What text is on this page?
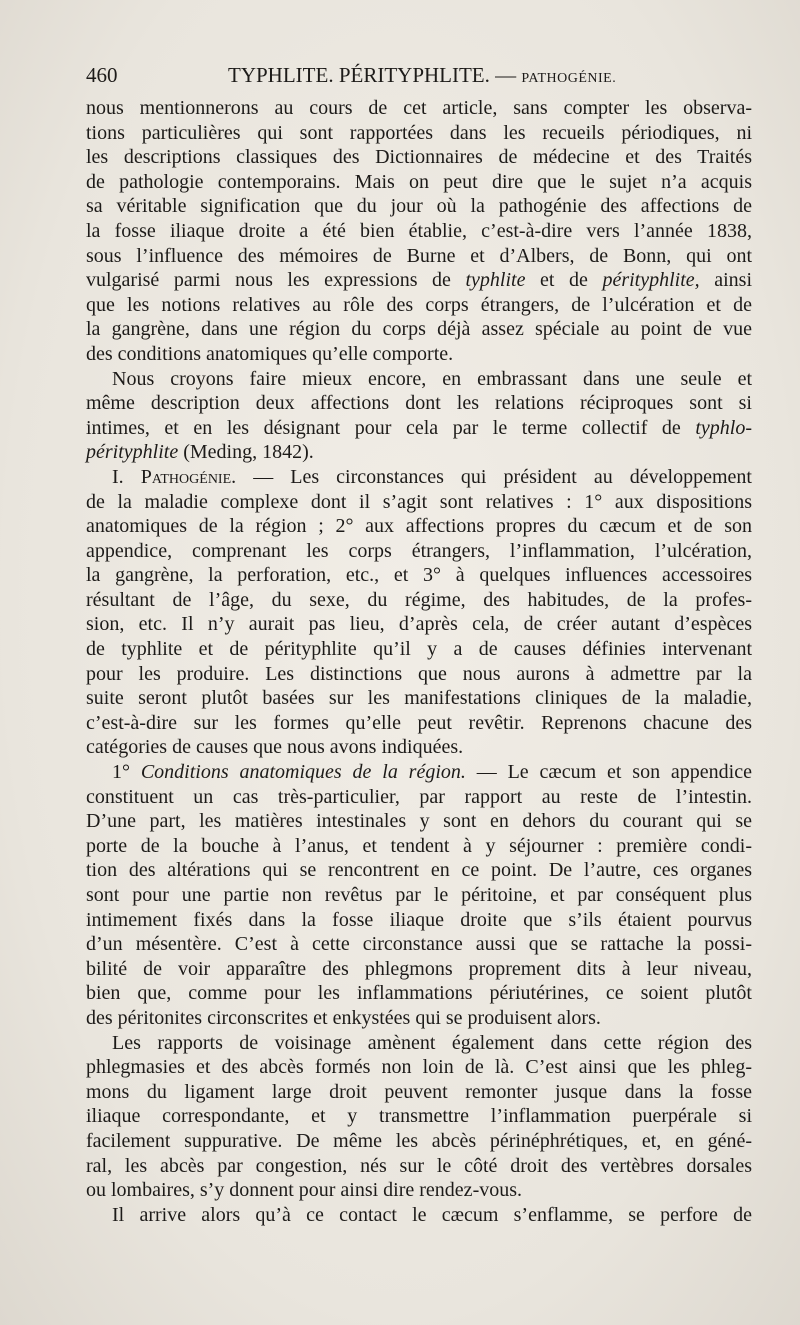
460	TYPHLITE. PÉRITYPHLITE. — PATHOGÉNIE.
nous mentionnerons au cours de cet article, sans compter les observa-
tions particulières qui sont rapportées dans les recueils périodiques, ni
les descriptions classiques des Dictionnaires de médecine et des Traités
de pathologie contemporains. Mais on peut dire que le sujet n’a acquis
sa véritable signification que du jour où la pathogénie des affections de
la fosse iliaque droite a été bien établie, c’est-à-dire vers l’année 1838,
sous l’influence des mémoires de Burne et d’Albers, de Bonn, qui ont
vulgarisé parmi nous les expressions de typhlite et de pérityphlite, ainsi
que les notions relatives au rôle des corps étrangers, de l’ulcération et de
la gangrène, dans une région du corps déjà assez spéciale au point de vue
des conditions anatomiques qu’elle comporte.
Nous croyons faire mieux encore, en embrassant dans une seule et
même description deux affections dont les relations réciproques sont si
intimes, et en les désignant pour cela par le terme collectif de typhlo-
pérityphlite (Meding, 1842).
I. Pathogénie. — Les circonstances qui président au développement
de la maladie complexe dont il s’agit sont relatives : 1° aux dispositions
anatomiques de la région ; 2° aux affections propres du cæcum et de son
appendice, comprenant les corps étrangers, l’inflammation, l’ulcération,
la gangrène, la perforation, etc., et 3° à quelques influences accessoires
résultant de l’âge, du sexe, du régime, des habitudes, de la profes-
sion, etc. Il n’y aurait pas lieu, d’après cela, de créer autant d’espèces
de typhlite et de pérityphlite qu’il y a de causes définies intervenant
pour les produire. Les distinctions que nous aurons à admettre par la
suite seront plutôt basées sur les manifestations cliniques de la maladie,
c’est-à-dire sur les formes qu’elle peut revêtir. Reprenons chacune des
catégories de causes que nous avons indiquées.
1° Conditions anatomiques de la région. — Le cæcum et son appendice
constituent un cas très-particulier, par rapport au reste de l’intestin.
D’une part, les matières intestinales y sont en dehors du courant qui se
porte de la bouche à l’anus, et tendent à y séjourner : première condi-
tion des altérations qui se rencontrent en ce point. De l’autre, ces organes
sont pour une partie non revêtus par le péritoine, et par conséquent plus
intimement fixés dans la fosse iliaque droite que s’ils étaient pourvus
d’un mésentère. C’est à cette circonstance aussi que se rattache la possi-
bilité de voir apparaître des phlegmons proprement dits à leur niveau,
bien que, comme pour les inflammations périutérines, ce soient plutôt
des péritonites circonscrites et enkystées qui se produisent alors.
Les rapports de voisinage amènent également dans cette région des
phlegmasies et des abcès formés non loin de là. C’est ainsi que les phleg-
mons du ligament large droit peuvent remonter jusque dans la fosse
iliaque correspondante, et y transmettre l’inflammation puerpérale si
facilement suppurative. De même les abcès périnéphrétiques, et, en géné-
ral, les abcès par congestion, nés sur le côté droit des vertèbres dorsales
ou lombaires, s’y donnent pour ainsi dire rendez-vous.
Il arrive alors qu’à ce contact le cæcum s’enflamme, se perfore de
